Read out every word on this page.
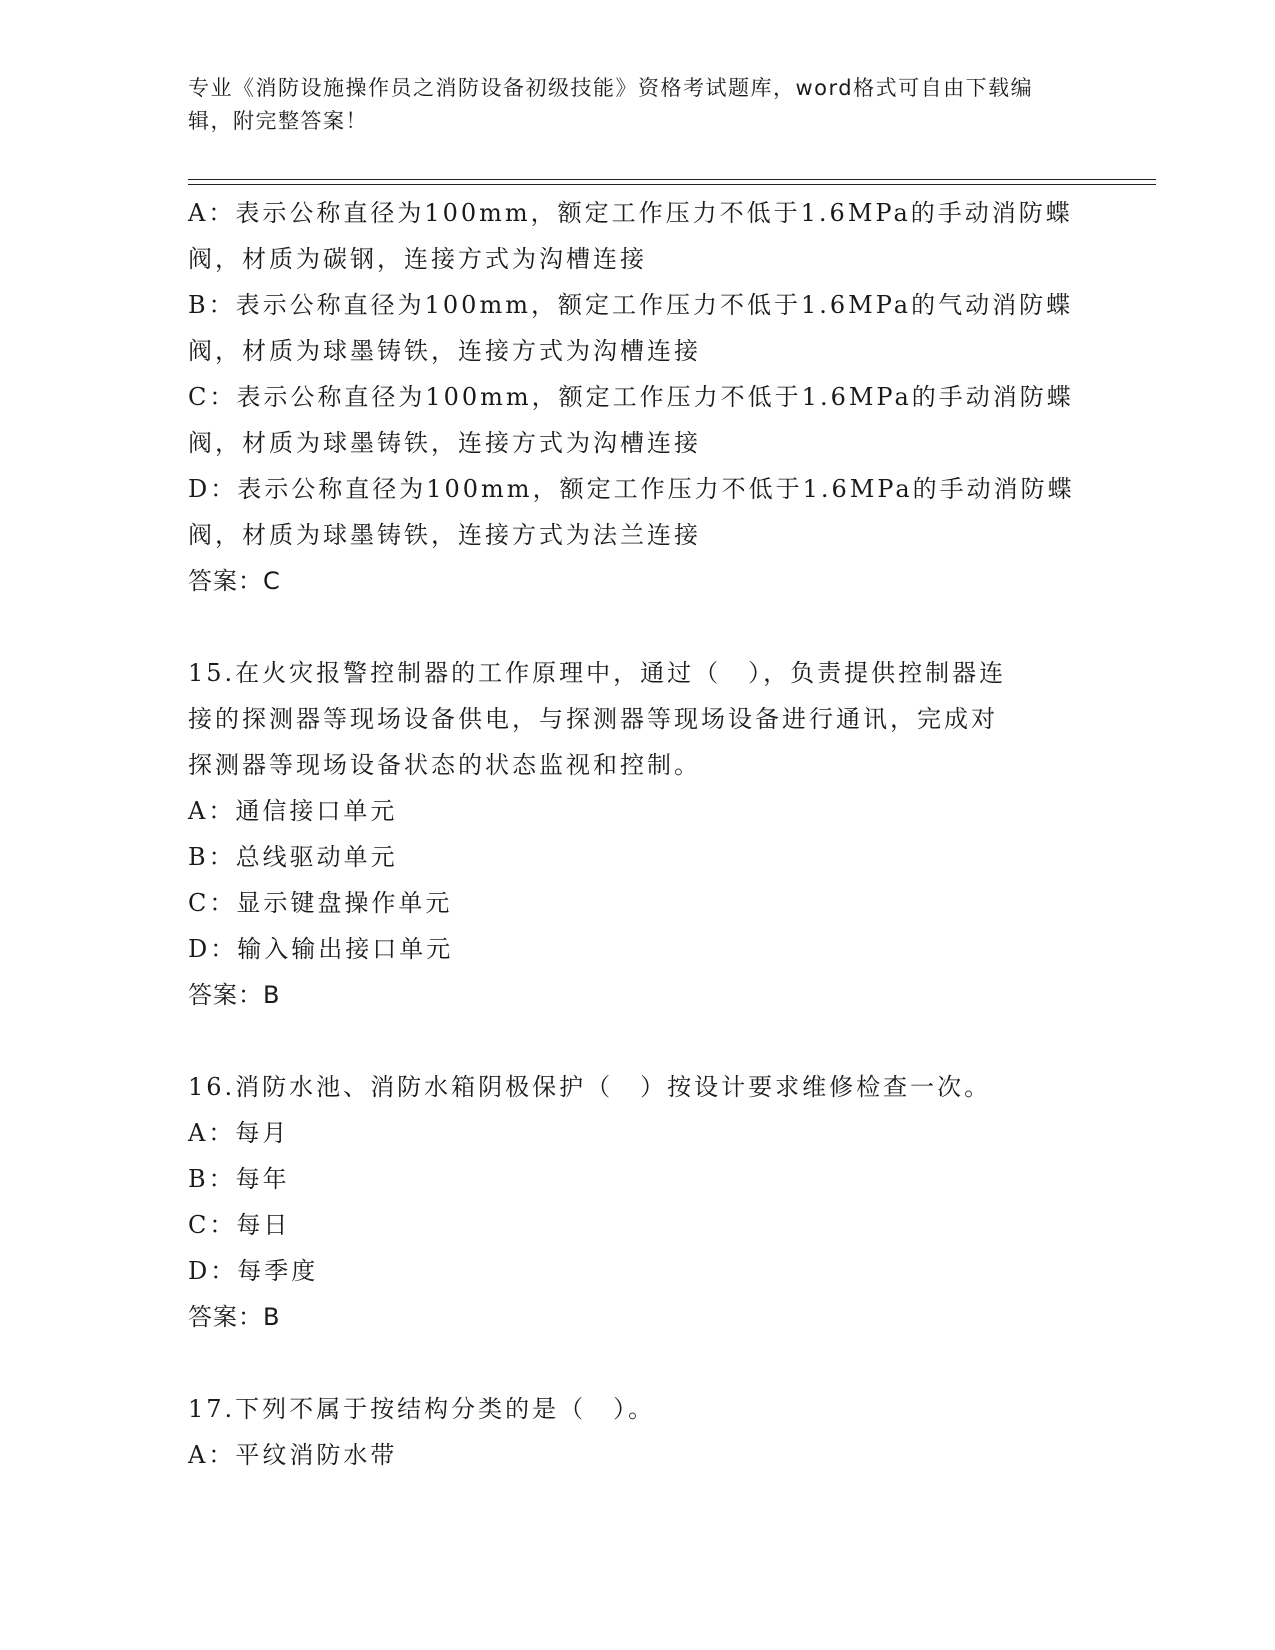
专业《消防设施操作员之消防设备初级技能》资格考试题库，word格式可自由下载编辑，附完整答案！
A：表示公称直径为100mm，额定工作压力不低于1.6MPa的手动消防蝶
阀，材质为碳钢，连接方式为沟槽连接
B：表示公称直径为100mm，额定工作压力不低于1.6MPa的气动消防蝶
阀，材质为球墨铸铁，连接方式为沟槽连接
C：表示公称直径为100mm，额定工作压力不低于1.6MPa的手动消防蝶
阀，材质为球墨铸铁，连接方式为沟槽连接
D：表示公称直径为100mm，额定工作压力不低于1.6MPa的手动消防蝶
阀，材质为球墨铸铁，连接方式为法兰连接
答案：C
15.在火灾报警控制器的工作原理中，通过（　），负责提供控制器连
接的探测器等现场设备供电，与探测器等现场设备进行通讯，完成对
探测器等现场设备状态的状态监视和控制。
A：通信接口单元
B：总线驱动单元
C：显示键盘操作单元
D：输入输出接口单元
答案：B
16.消防水池、消防水箱阴极保护（　）按设计要求维修检查一次。
A：每月
B：每年
C：每日
D：每季度
答案：B
17.下列不属于按结构分类的是（　）。
A：平纹消防水带
